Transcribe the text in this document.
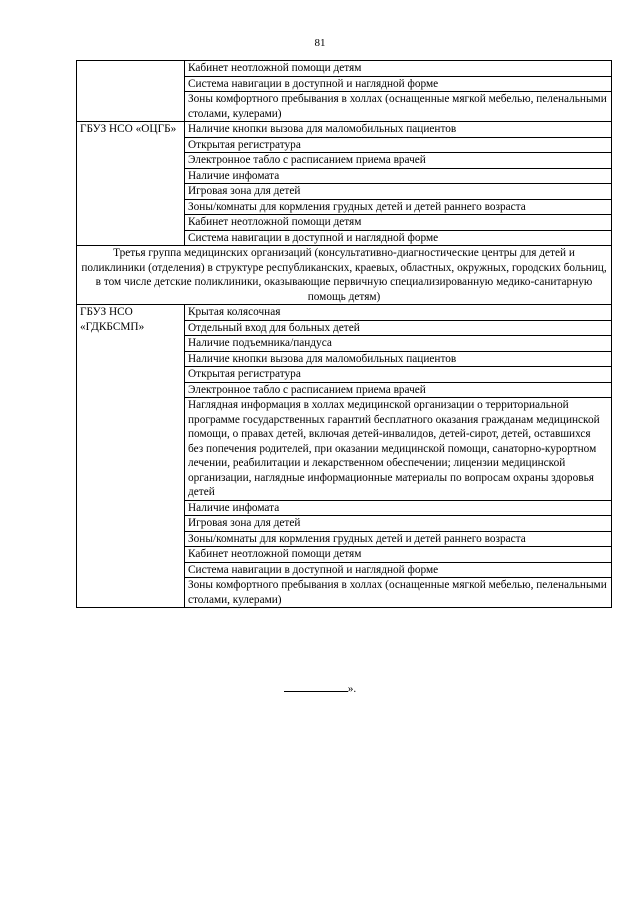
81
	Кабинет неотложной помощи детям
	Система навигации в доступной и наглядной форме
	Зоны комфортного пребывания в холлах (оснащенные мягкой мебелью, пеленальными столами, кулерами)
ГБУЗ НСО «ОЦГБ»	Наличие кнопки вызова для маломобильных пациентов
	Открытая регистратура
	Электронное табло с расписанием приема врачей
	Наличие инфомата
	Игровая зона для детей
	Зоны/комнаты для кормления грудных детей и детей раннего возраста
	Кабинет неотложной помощи детям
	Система навигации в доступной и наглядной форме
Третья группа медицинских организаций (консультативно-диагностические центры для детей и поликлиники (отделения) в структуре республиканских, краевых, областных, окружных, городских больниц, в том числе детские поликлиники, оказывающие первичную специализированную медико-санитарную помощь детям)	
ГБУЗ НСО «ГДКБСМП»	Крытая колясочная
	Отдельный вход для больных детей
	Наличие подъемника/пандуса
	Наличие кнопки вызова для маломобильных пациентов
	Открытая регистратура
	Электронное табло с расписанием приема врачей
	Наглядная информация в холлах медицинской организации о территориальной программе государственных гарантий бесплатного оказания гражданам медицинской помощи, о правах детей, включая детей-инвалидов, детей-сирот, детей, оставшихся без попечения родителей, при оказании медицинской помощи, санаторно-курортном лечении, реабилитации и лекарственном обеспечении; лицензии медицинской организации, наглядные информационные материалы по вопросам охраны здоровья детей
	Наличие инфомата
	Игровая зона для детей
	Зоны/комнаты для кормления грудных детей и детей раннего возраста
	Кабинет неотложной помощи детям
	Система навигации в доступной и наглядной форме
	Зоны комфортного пребывания в холлах (оснащенные мягкой мебелью, пеленальными столами, кулерами)
».
